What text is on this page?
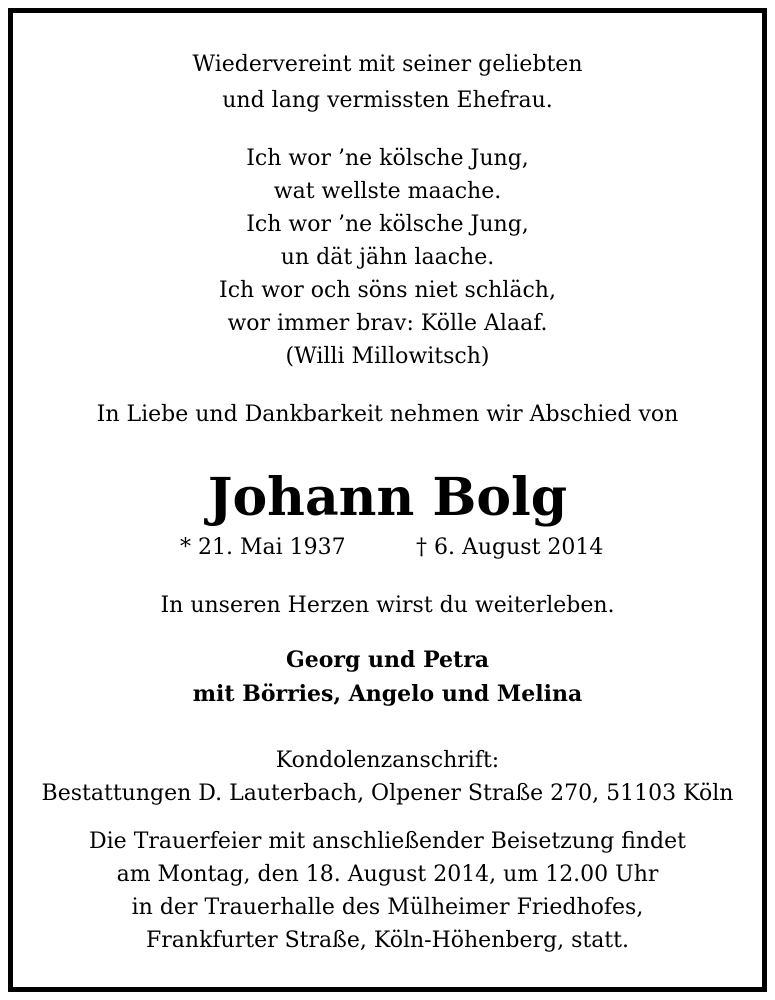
Wiedervereint mit seiner geliebten
und lang vermissten Ehefrau.
Ich wor ’ne kölsche Jung,
wat wellste maache.
Ich wor ’ne kölsche Jung,
un dät jähn laache.
Ich wor och söns niet schläch,
wor immer brav: Kölle Alaaf.
(Willi Millowitsch)
In Liebe und Dankbarkeit nehmen wir Abschied von
Johann Bolg
* 21. Mai 1937	† 6. August 2014
In unseren Herzen wirst du weiterleben.
Georg und Petra
mit Börries, Angelo und Melina
Kondolenzanschrift:
Bestattungen D. Lauterbach, Olpener Straße 270, 51103 Köln
Die Trauerfeier mit anschließender Beisetzung findet
am Montag, den 18. August 2014, um 12.00 Uhr
in der Trauerhalle des Mülheimer Friedhofes,
Frankfurter Straße, Köln-Höhenberg, statt.
